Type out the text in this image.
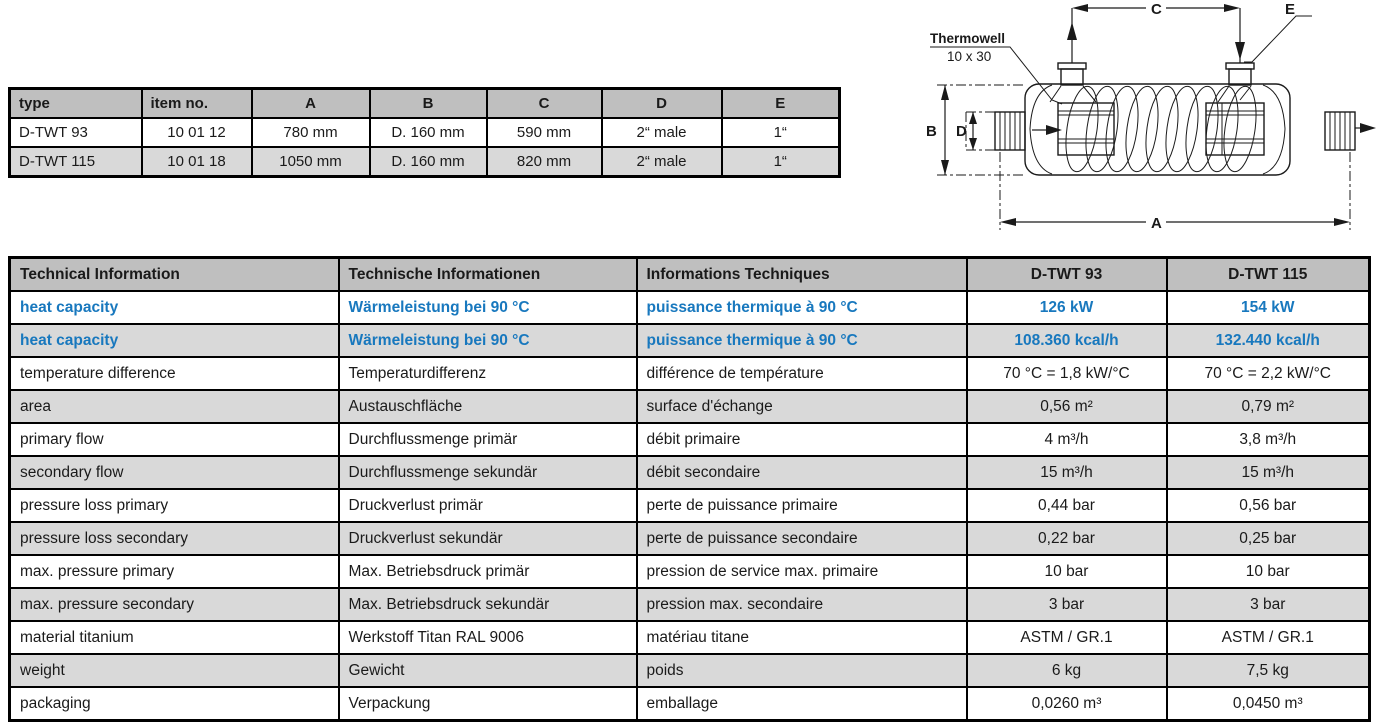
type	item no.	A	B	C	D	E
D-TWT 93	10 01 12	780 mm	D. 160 mm	590 mm	2“ male	1“
D-TWT 115	10 01 18	1050 mm	D. 160 mm	820 mm	2“ male	1“
C	E
Thermowell
10 x 30
B D
A
Technical Information	Technische Informationen	Informations Techniques	D-TWT 93	D-TWT 115
heat capacity	Wärmeleistung bei 90 °C	puissance thermique à 90 °C	126 kW	154 kW
heat capacity	Wärmeleistung bei 90 °C	puissance thermique à 90 °C	108.360 kcal/h	132.440 kcal/h
temperature difference	Temperaturdifferenz	différence de température	70 °C = 1,8 kW/°C	70 °C = 2,2 kW/°C
area	Austauschfläche	surface d'échange	0,56 m²	0,79 m²
primary flow	Durchflussmenge primär	débit primaire	4 m³/h	3,8 m³/h
secondary flow	Durchflussmenge sekundär	débit secondaire	15 m³/h	15 m³/h
pressure loss primary	Druckverlust primär	perte de puissance primaire	0,44 bar	0,56 bar
pressure loss secondary	Druckverlust sekundär	perte de puissance secondaire	0,22 bar	0,25 bar
max. pressure primary	Max. Betriebsdruck primär	pression de service max. primaire	10 bar	10 bar
max. pressure secondary	Max. Betriebsdruck sekundär	pression max. secondaire	3 bar	3 bar
material titanium	Werkstoff Titan RAL 9006	matériau titane	ASTM / GR.1	ASTM / GR.1
weight	Gewicht	poids	6 kg	7,5 kg
packaging	Verpackung	emballage	0,0260 m³	0,0450 m³
